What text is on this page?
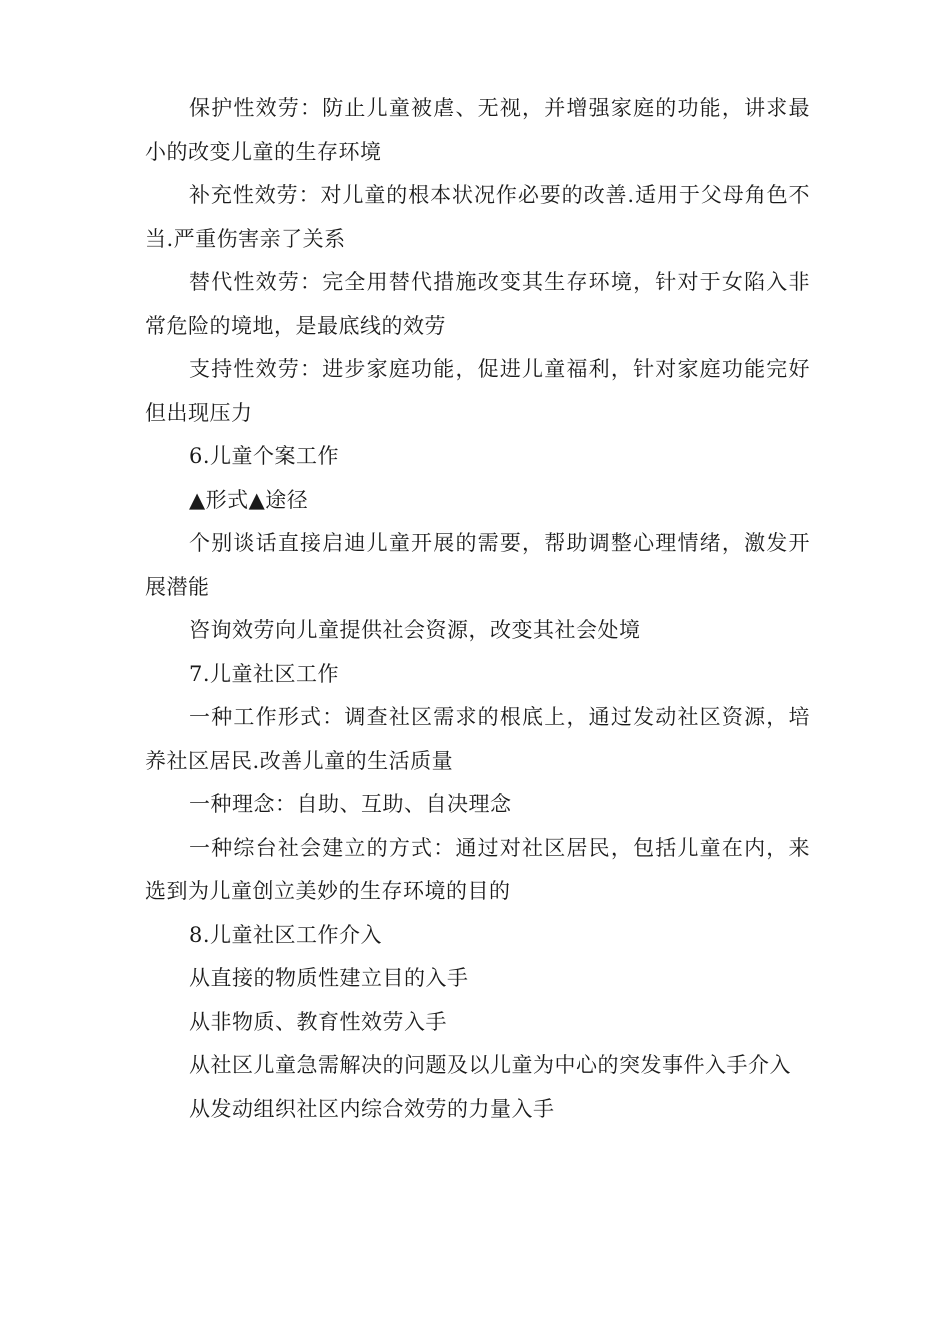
保护性效劳：防止儿童被虐、无视，并增强家庭的功能，讲求最小的改变儿童的生存环境

补充性效劳：对儿童的根本状况作必要的改善.适用于父母角色不当.严重伤害亲了关系

替代性效劳：完全用替代措施改变其生存环境，针对于女陷入非常危险的境地，是最底线的效劳

支持性效劳：进步家庭功能，促进儿童福利，针对家庭功能完好但出现压力

6.儿童个案工作

▲形式▲途径

个别谈话直接启迪儿童开展的需要，帮助调整心理情绪，激发开展潜能

咨询效劳向儿童提供社会资源，改变其社会处境

7.儿童社区工作

一种工作形式：调查社区需求的根底上，通过发动社区资源，培养社区居民.改善儿童的生活质量

一种理念：自助、互助、自决理念

一种综台社会建立的方式：通过对社区居民，包括儿童在内，来选到为儿童创立美妙的生存环境的目的

8.儿童社区工作介入

从直接的物质性建立目的入手

从非物质、教育性效劳入手

从社区儿童急需解决的问题及以儿童为中心的突发事件入手介入

从发动组织社区内综合效劳的力量入手
